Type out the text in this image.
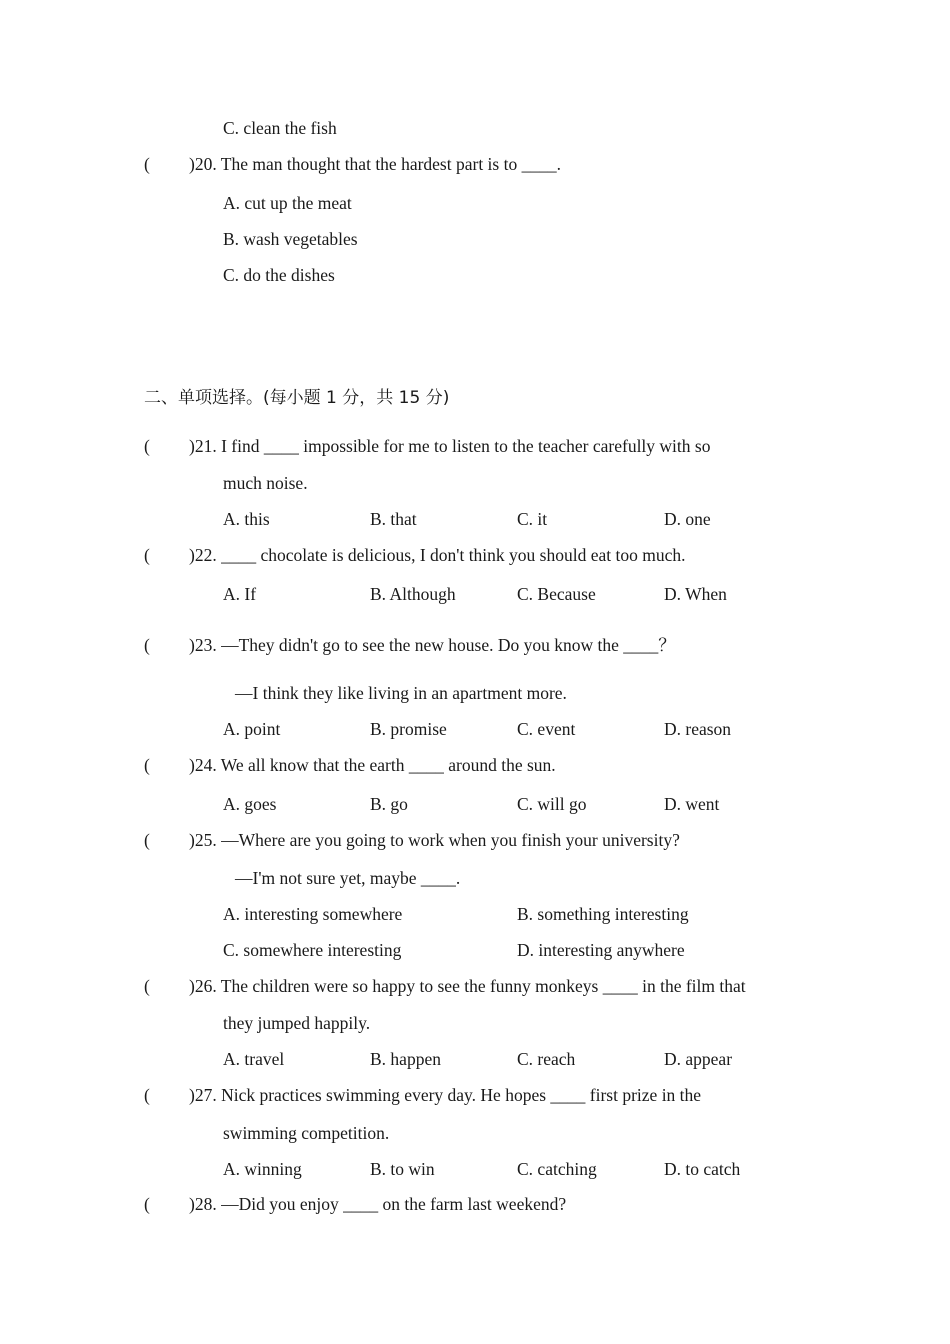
C. clean the fish
( )20. The man thought that the hardest part is to ____.
A. cut up the meat
B. wash vegetables
C. do the dishes
二、单项选择。(每小题 1 分，共 15 分)
( )21. I find ____ impossible for me to listen to the teacher carefully with so
much noise.
A. this	B. that	C. it	D. one
( )22. ____ chocolate is delicious, I don't think you should eat too much.
A. If	B. Although	C. Because	D. When
( )23. —They didn't go to see the new house. Do you know the ____？
—I think they like living in an apartment more.
A. point	B. promise	C. event	D. reason
( )24. We all know that the earth ____ around the sun.
A. goes	B. go	C. will go	D. went
( )25. —Where are you going to work when you finish your university?
—I'm not sure yet, maybe ____.
A. interesting somewhere	B. something interesting
C. somewhere interesting	D. interesting anywhere
( )26. The children were so happy to see the funny monkeys ____ in the film that
they jumped happily.
A. travel	B. happen	C. reach	D. appear
( )27. Nick practices swimming every day. He hopes ____ first prize in the
swimming competition.
A. winning	B. to win	C. catching	D. to catch
( )28. —Did you enjoy ____ on the farm last weekend?
